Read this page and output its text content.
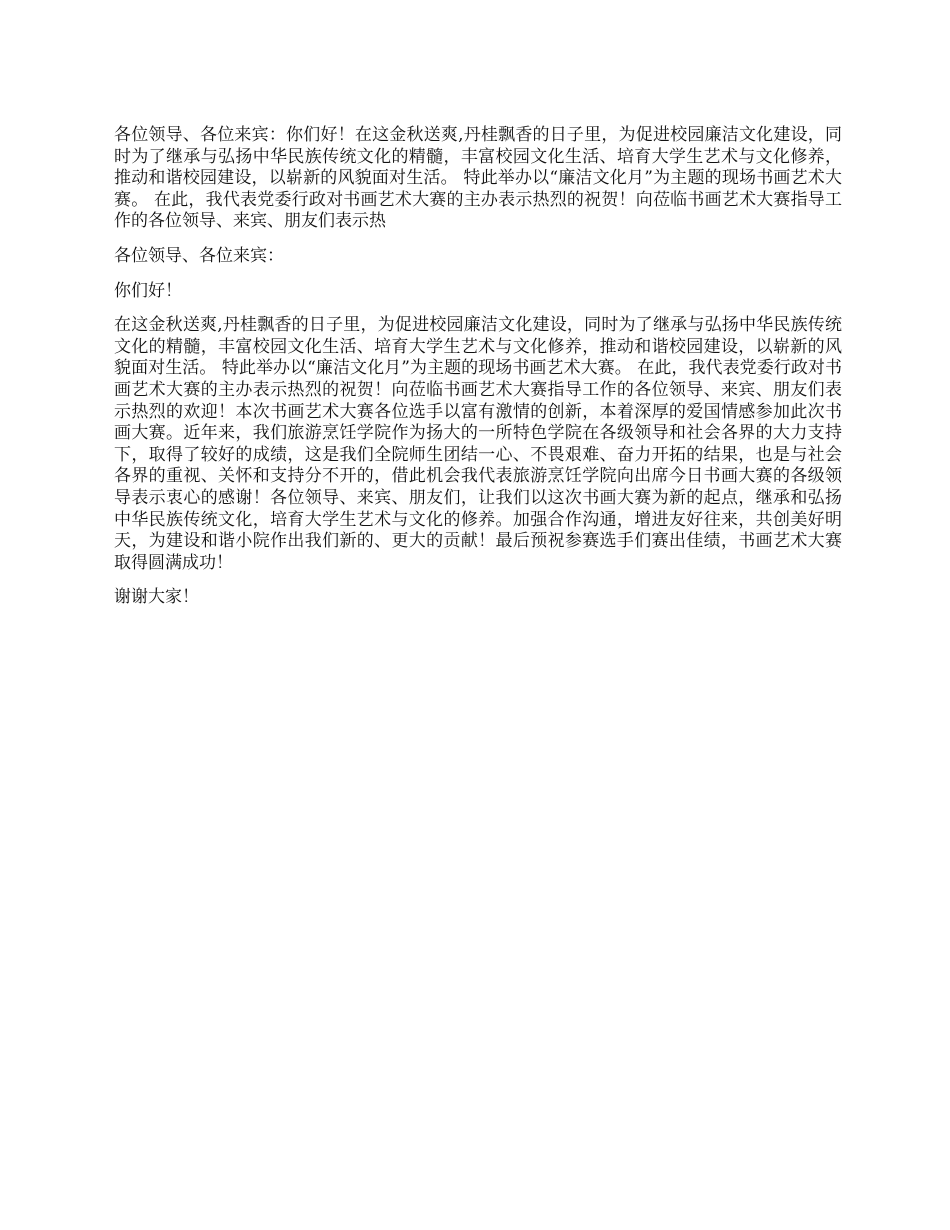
各位领导、各位来宾：你们好！在这金秋送爽,丹桂飘香的日子里，为促进校园廉洁文化建设，同时为了继承与弘扬中华民族传统文化的精髓，丰富校园文化生活、培育大学生艺术与文化修养，推动和谐校园建设，以崭新的风貌面对生活。 特此举办以“廉洁文化月”为主题的现场书画艺术大赛。 在此，我代表党委行政对书画艺术大赛的主办表示热烈的祝贺！向莅临书画艺术大赛指导工作的各位领导、来宾、朋友们表示热

各位领导、各位来宾：

你们好！

在这金秋送爽,丹桂飘香的日子里，为促进校园廉洁文化建设，同时为了继承与弘扬中华民族传统文化的精髓，丰富校园文化生活、培育大学生艺术与文化修养，推动和谐校园建设，以崭新的风貌面对生活。 特此举办以“廉洁文化月”为主题的现场书画艺术大赛。 在此，我代表党委行政对书画艺术大赛的主办表示热烈的祝贺！向莅临书画艺术大赛指导工作的各位领导、来宾、朋友们表示热烈的欢迎！本次书画艺术大赛各位选手以富有激情的创新，本着深厚的爱国情感参加此次书画大赛。近年来，我们旅游烹饪学院作为扬大的一所特色学院在各级领导和社会各界的大力支持下，取得了较好的成绩，这是我们全院师生团结一心、不畏艰难、奋力开拓的结果，也是与社会各界的重视、关怀和支持分不开的，借此机会我代表旅游烹饪学院向出席今日书画大赛的各级领导表示衷心的感谢！各位领导、来宾、朋友们，让我们以这次书画大赛为新的起点，继承和弘扬中华民族传统文化，培育大学生艺术与文化的修养。加强合作沟通，增进友好往来，共创美好明天，为建设和谐小院作出我们新的、更大的贡献！最后预祝参赛选手们赛出佳绩，书画艺术大赛取得圆满成功！

谢谢大家！
